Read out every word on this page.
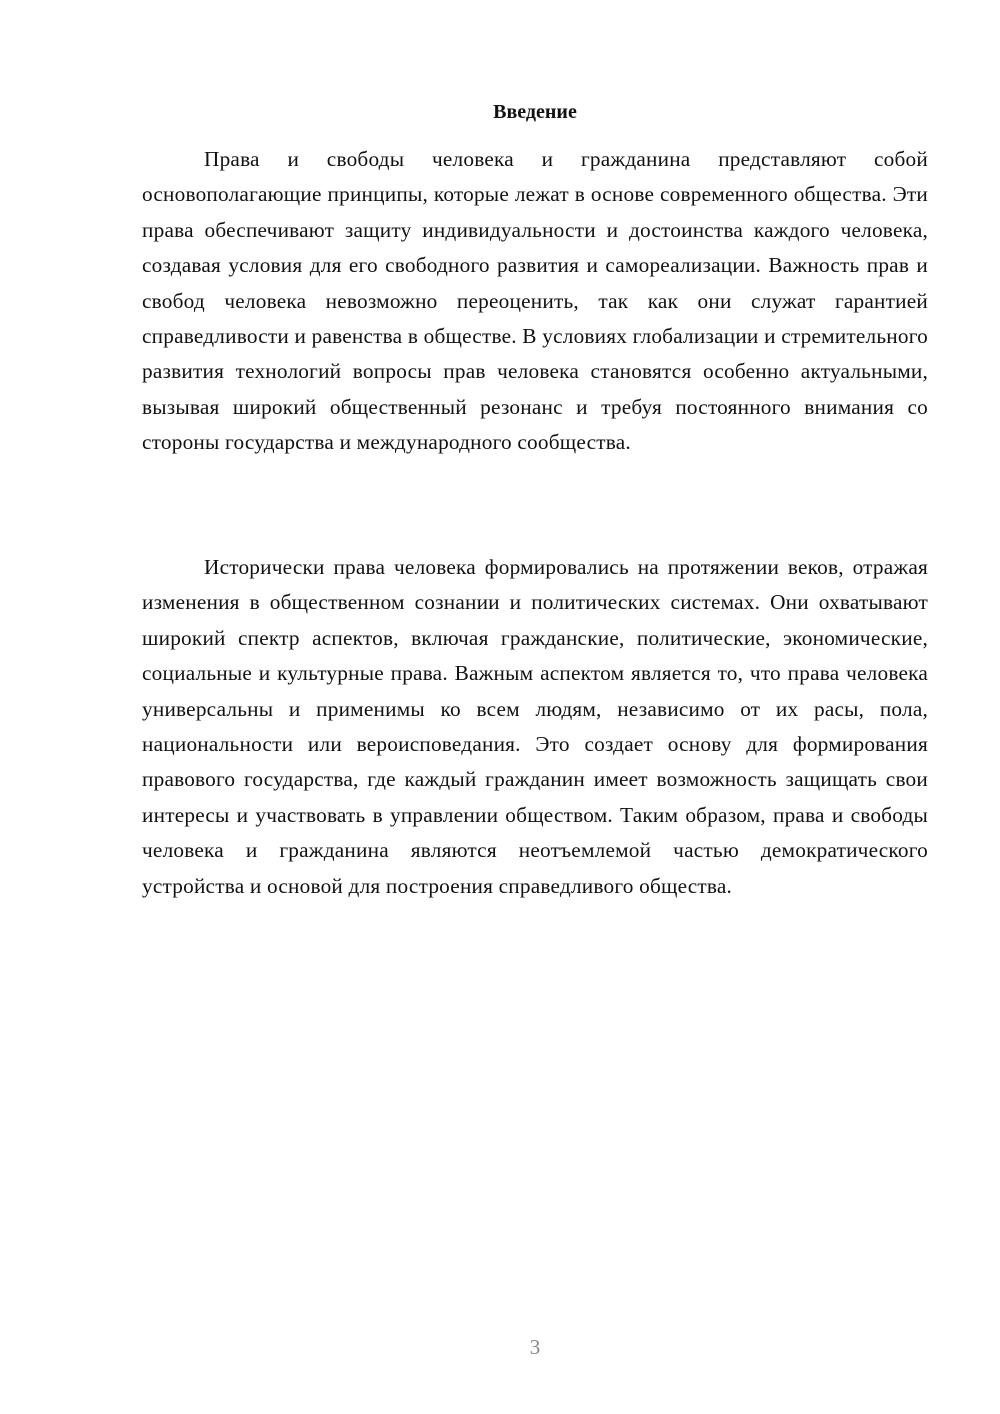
Введение

Права и свободы человека и гражданина представляют собой основополагающие принципы, которые лежат в основе современного общества. Эти права обеспечивают защиту индивидуальности и достоинства каждого человека, создавая условия для его свободного развития и самореализации. Важность прав и свобод человека невозможно переоценить, так как они служат гарантией справедливости и равенства в обществе. В условиях глобализации и стремительного развития технологий вопросы прав человека становятся особенно актуальными, вызывая широкий общественный резонанс и требуя постоянного внимания со стороны государства и международного сообщества.

Исторически права человека формировались на протяжении веков, отражая изменения в общественном сознании и политических системах. Они охватывают широкий спектр аспектов, включая гражданские, политические, экономические, социальные и культурные права. Важным аспектом является то, что права человека универсальны и применимы ко всем людям, независимо от их расы, пола, национальности или вероисповедания. Это создает основу для формирования правового государства, где каждый гражданин имеет возможность защищать свои интересы и участвовать в управлении обществом. Таким образом, права и свободы человека и гражданина являются неотъемлемой частью демократического устройства и основой для построения справедливого общества.

3
